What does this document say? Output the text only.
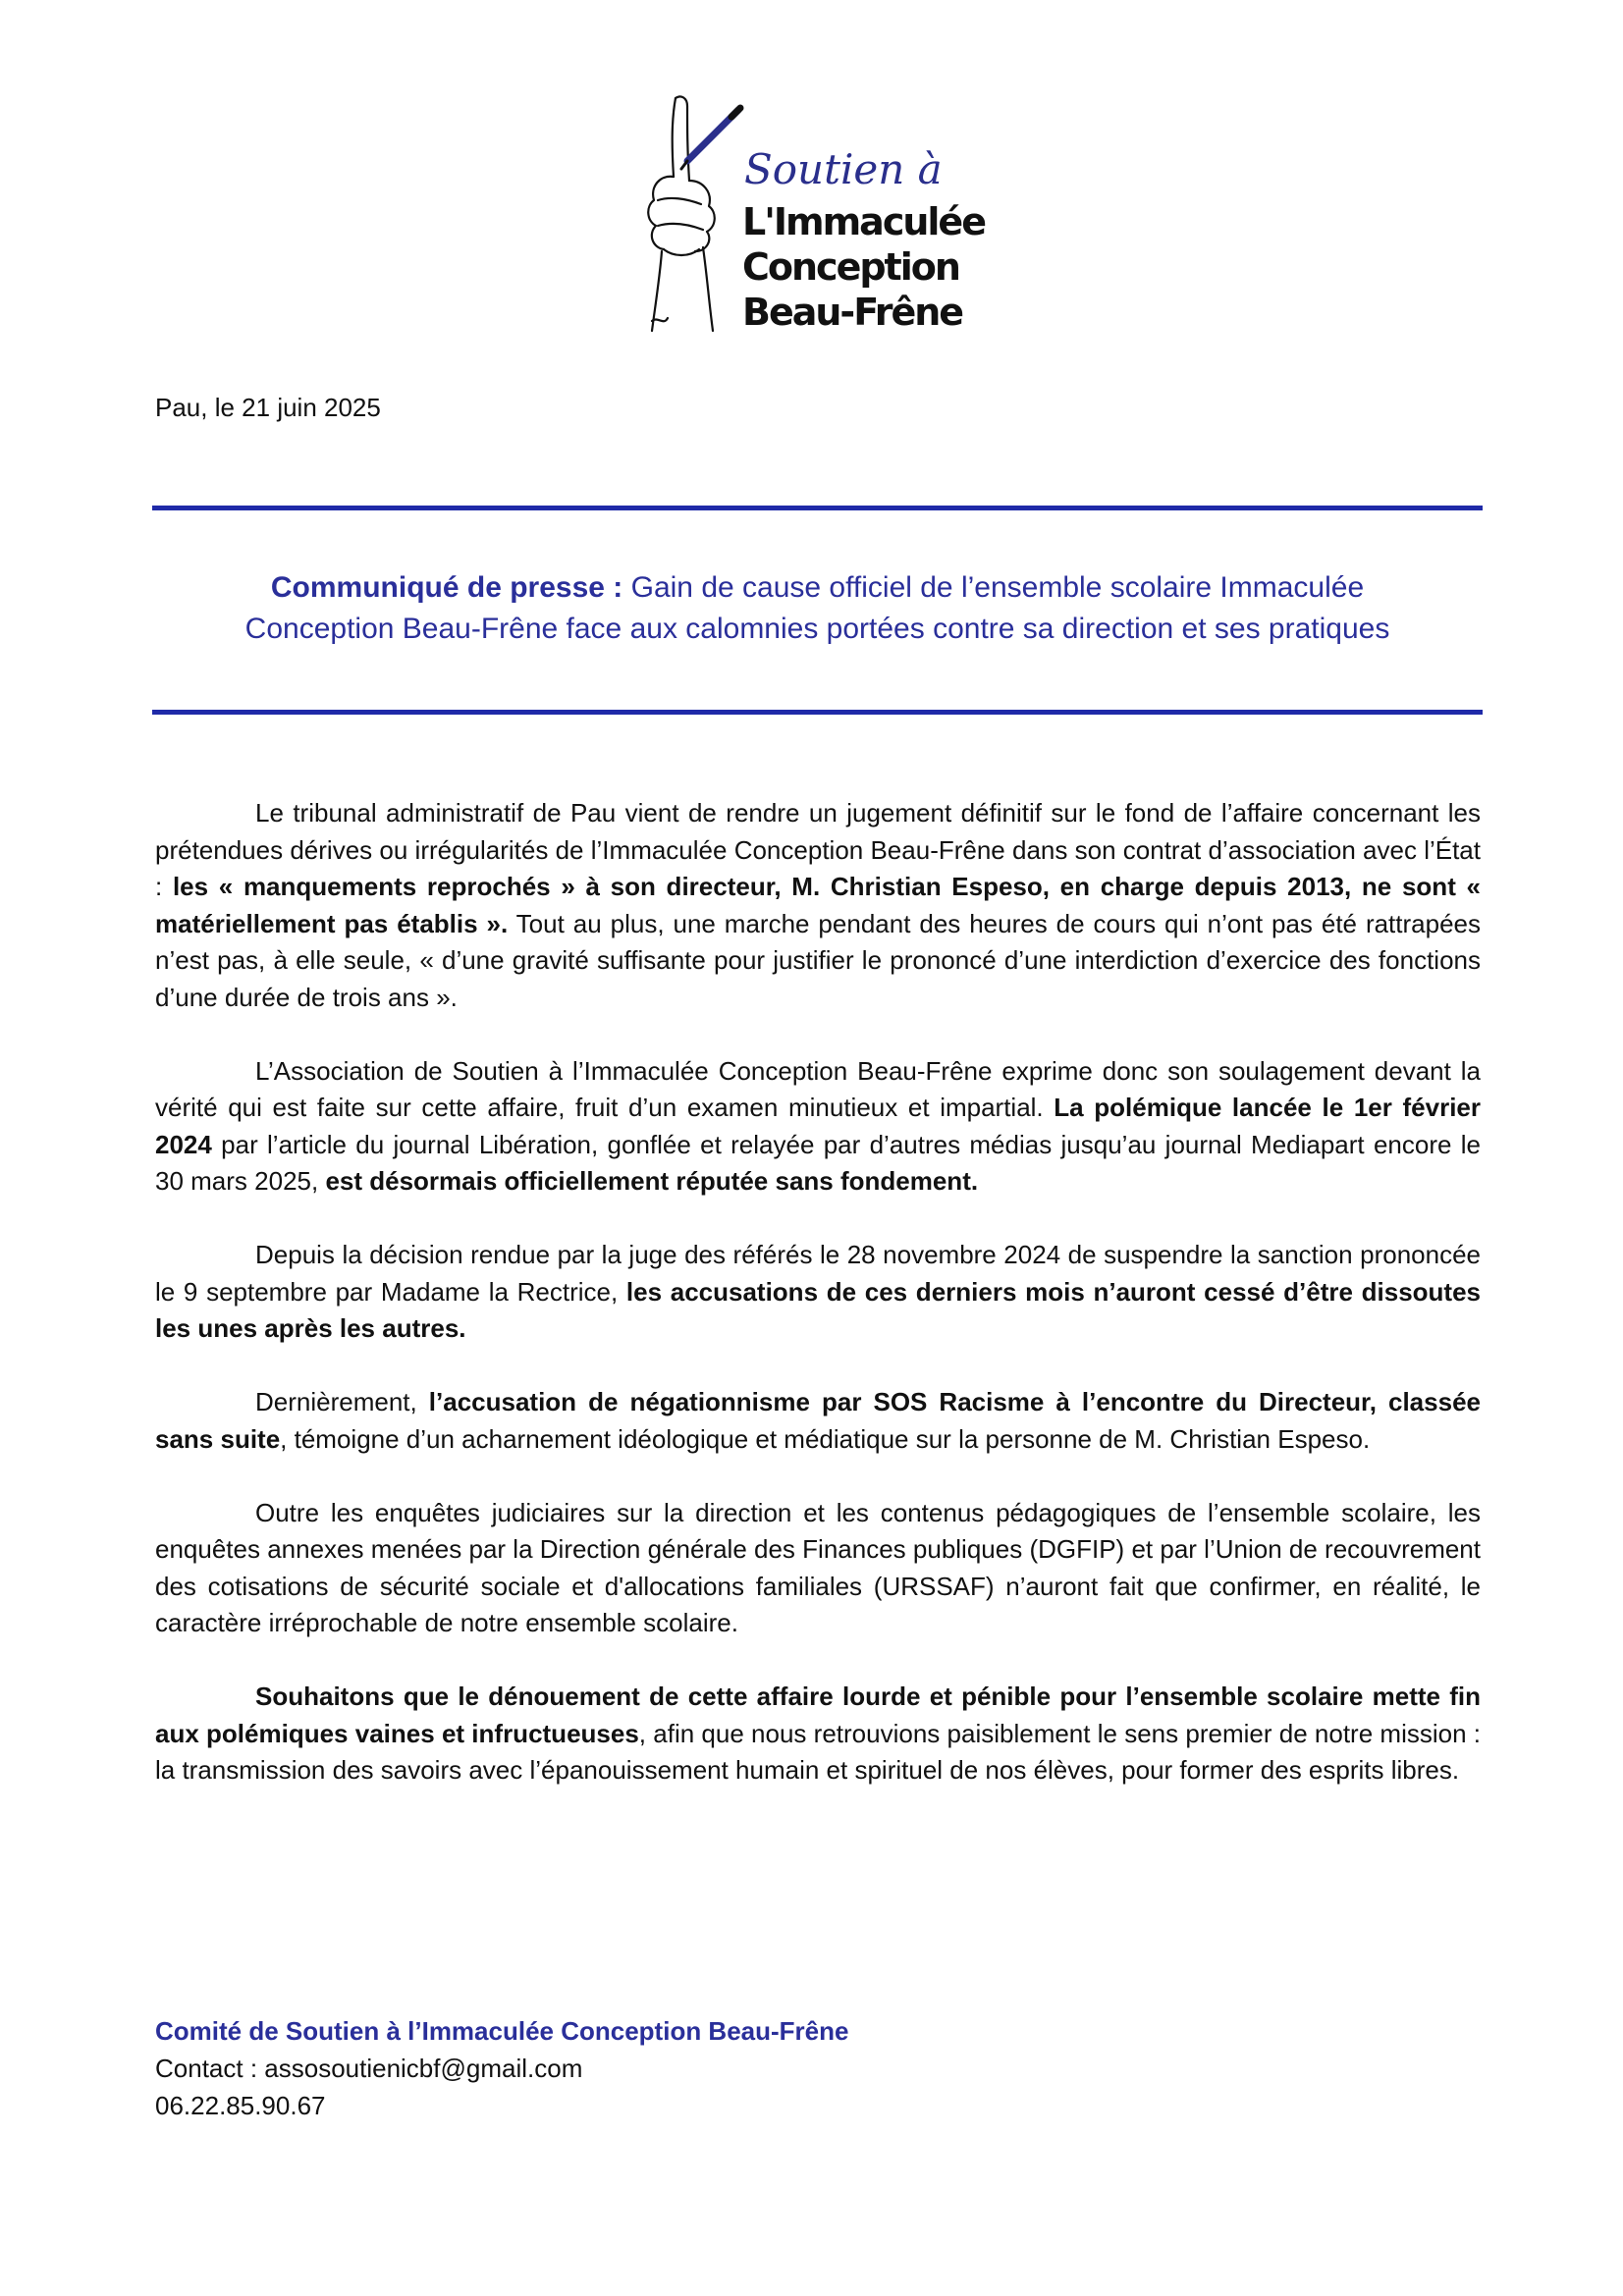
Soutien à
L'Immaculée
Conception
Beau-Frêne
Pau, le 21 juin 2025
Communiqué de presse : Gain de cause officiel de l’ensemble scolaire Immaculée
Conception Beau-Frêne face aux calomnies portées contre sa direction et ses pratiques

Le tribunal administratif de Pau vient de rendre un jugement définitif sur le fond de l’affaire concernant les prétendues dérives ou irrégularités de l’Immaculée Conception Beau-Frêne dans son contrat d’association avec l’État : les « manquements reprochés » à son directeur, M. Christian Espeso, en charge depuis 2013, ne sont « matériellement pas établis ». Tout au plus, une marche pendant des heures de cours qui n’ont pas été rattrapées n’est pas, à elle seule, « d’une gravité suffisante pour justifier le prononcé d’une interdiction d’exercice des fonctions d’une durée de trois ans ».

L’Association de Soutien à l’Immaculée Conception Beau-Frêne exprime donc son soulagement devant la vérité qui est faite sur cette affaire, fruit d’un examen minutieux et impartial. La polémique lancée le 1er février 2024 par l’article du journal Libération, gonflée et relayée par d’autres médias jusqu’au journal Mediapart encore le 30 mars 2025, est désormais officiellement réputée sans fondement.

Depuis la décision rendue par la juge des référés le 28 novembre 2024 de suspendre la sanction prononcée le 9 septembre par Madame la Rectrice, les accusations de ces derniers mois n’auront cessé d’être dissoutes les unes après les autres.

Dernièrement, l’accusation de négationnisme par SOS Racisme à l’encontre du Directeur, classée sans suite, témoigne d’un acharnement idéologique et médiatique sur la personne de M. Christian Espeso.

Outre les enquêtes judiciaires sur la direction et les contenus pédagogiques de l’ensemble scolaire, les enquêtes annexes menées par la Direction générale des Finances publiques (DGFIP) et par l’Union de recouvrement des cotisations de sécurité sociale et d'allocations familiales (URSSAF) n’auront fait que confirmer, en réalité, le caractère irréprochable de notre ensemble scolaire.

Souhaitons que le dénouement de cette affaire lourde et pénible pour l’ensemble scolaire mette fin aux polémiques vaines et infructueuses, afin que nous retrouvions paisiblement le sens premier de notre mission : la transmission des savoirs avec l’épanouissement humain et spirituel de nos élèves, pour former des esprits libres.

Comité de Soutien à l’Immaculée Conception Beau-Frêne
Contact : assosoutienicbf@gmail.com
06.22.85.90.67
